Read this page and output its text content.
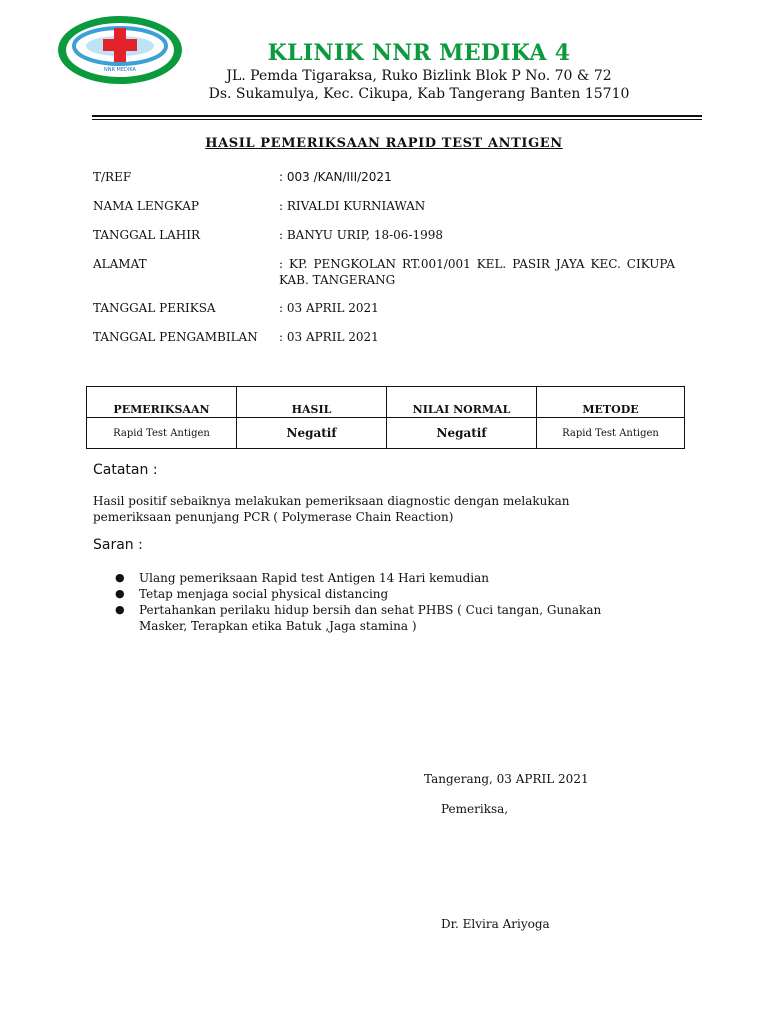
NNR MEDIKA
KLINIK NNR MEDIKA 4
JL. Pemda Tigaraksa, Ruko Bizlink Blok P No. 70 & 72
Ds. Sukamulya, Kec. Cikupa, Kab Tangerang Banten 15710
HASIL PEMERIKSAAN RAPID TEST ANTIGEN
T/REF	: 003 /KAN/III/2021
NAMA LENGKAP	: RIVALDI KURNIAWAN
TANGGAL LAHIR	: BANYU URIP, 18-06-1998
ALAMAT	: KP. PENGKOLAN RT.001/001 KEL. PASIR JAYA KEC. CIKUPA KAB. TANGERANG
TANGGAL PERIKSA	: 03 APRIL 2021
TANGGAL PENGAMBILAN : 03 APRIL 2021
PEMERIKSAAN	HASIL	NILAI NORMAL	METODE
Rapid Test Antigen	Negatif	Negatif	Rapid Test Antigen
Catatan :
Hasil positif sebaiknya melakukan pemeriksaan diagnostic dengan melakukan pemeriksaan penunjang PCR ( Polymerase Chain Reaction)
Saran :
● Ulang pemeriksaan Rapid test Antigen 14 Hari kemudian
● Tetap menjaga social physical distancing
● Pertahankan perilaku hidup bersih dan sehat PHBS ( Cuci tangan, Gunakan Masker, Terapkan etika Batuk ,Jaga stamina )
Tangerang, 03 APRIL 2021
Pemeriksa,
Dr. Elvira Ariyoga
